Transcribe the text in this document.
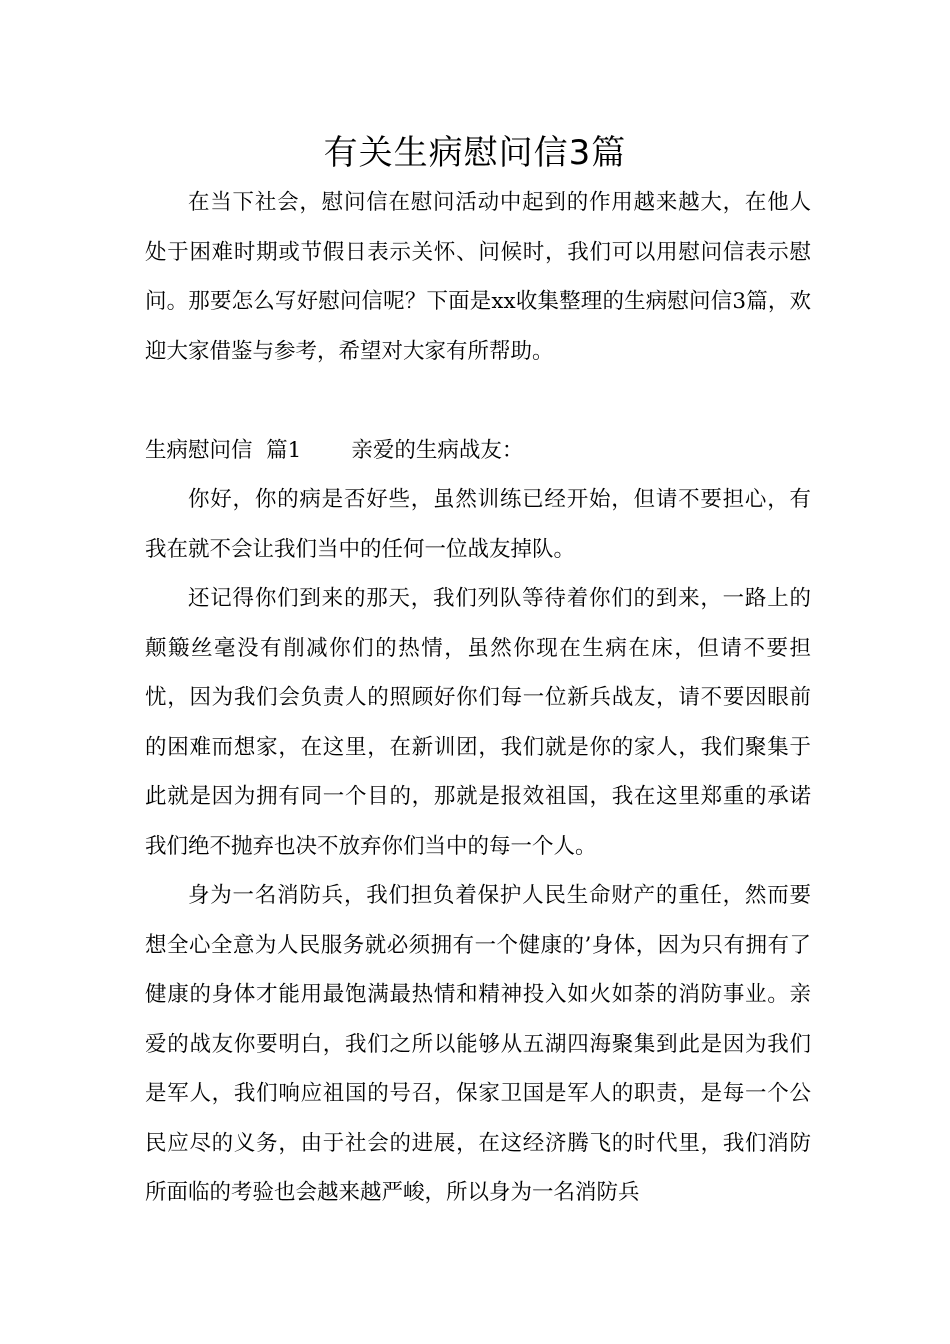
有关生病慰问信3篇

在当下社会，慰问信在慰问活动中起到的作用越来越大，在他人处于困难时期或节假日表示关怀、问候时，我们可以用慰问信表示慰问。那要怎么写好慰问信呢？下面是xx收集整理的生病慰问信3篇，欢迎大家借鉴与参考，希望对大家有所帮助。

生病慰问信  篇1 亲爱的生病战友：

你好，你的病是否好些，虽然训练已经开始，但请不要担心，有我在就不会让我们当中的任何一位战友掉队。

还记得你们到来的那天，我们列队等待着你们的到来，一路上的颠簸丝毫没有削减你们的热情，虽然你现在生病在床，但请不要担忧，因为我们会负责人的照顾好你们每一位新兵战友，请不要因眼前的困难而想家，在这里，在新训团，我们就是你的家人，我们聚集于此就是因为拥有同一个目的，那就是报效祖国，我在这里郑重的承诺我们绝不抛弃也决不放弃你们当中的每一个人。

身为一名消防兵，我们担负着保护人民生命财产的重任，然而要想全心全意为人民服务就必须拥有一个健康的’身体，因为只有拥有了健康的身体才能用最饱满最热情和精神投入如火如荼的消防事业。亲爱的战友你要明白，我们之所以能够从五湖四海聚集到此是因为我们是军人，我们响应祖国的号召，保家卫国是军人的职责，是每一个公民应尽的义务，由于社会的进展，在这经济腾飞的时代里，我们消防所面临的考验也会越来越严峻，所以身为一名消防兵
